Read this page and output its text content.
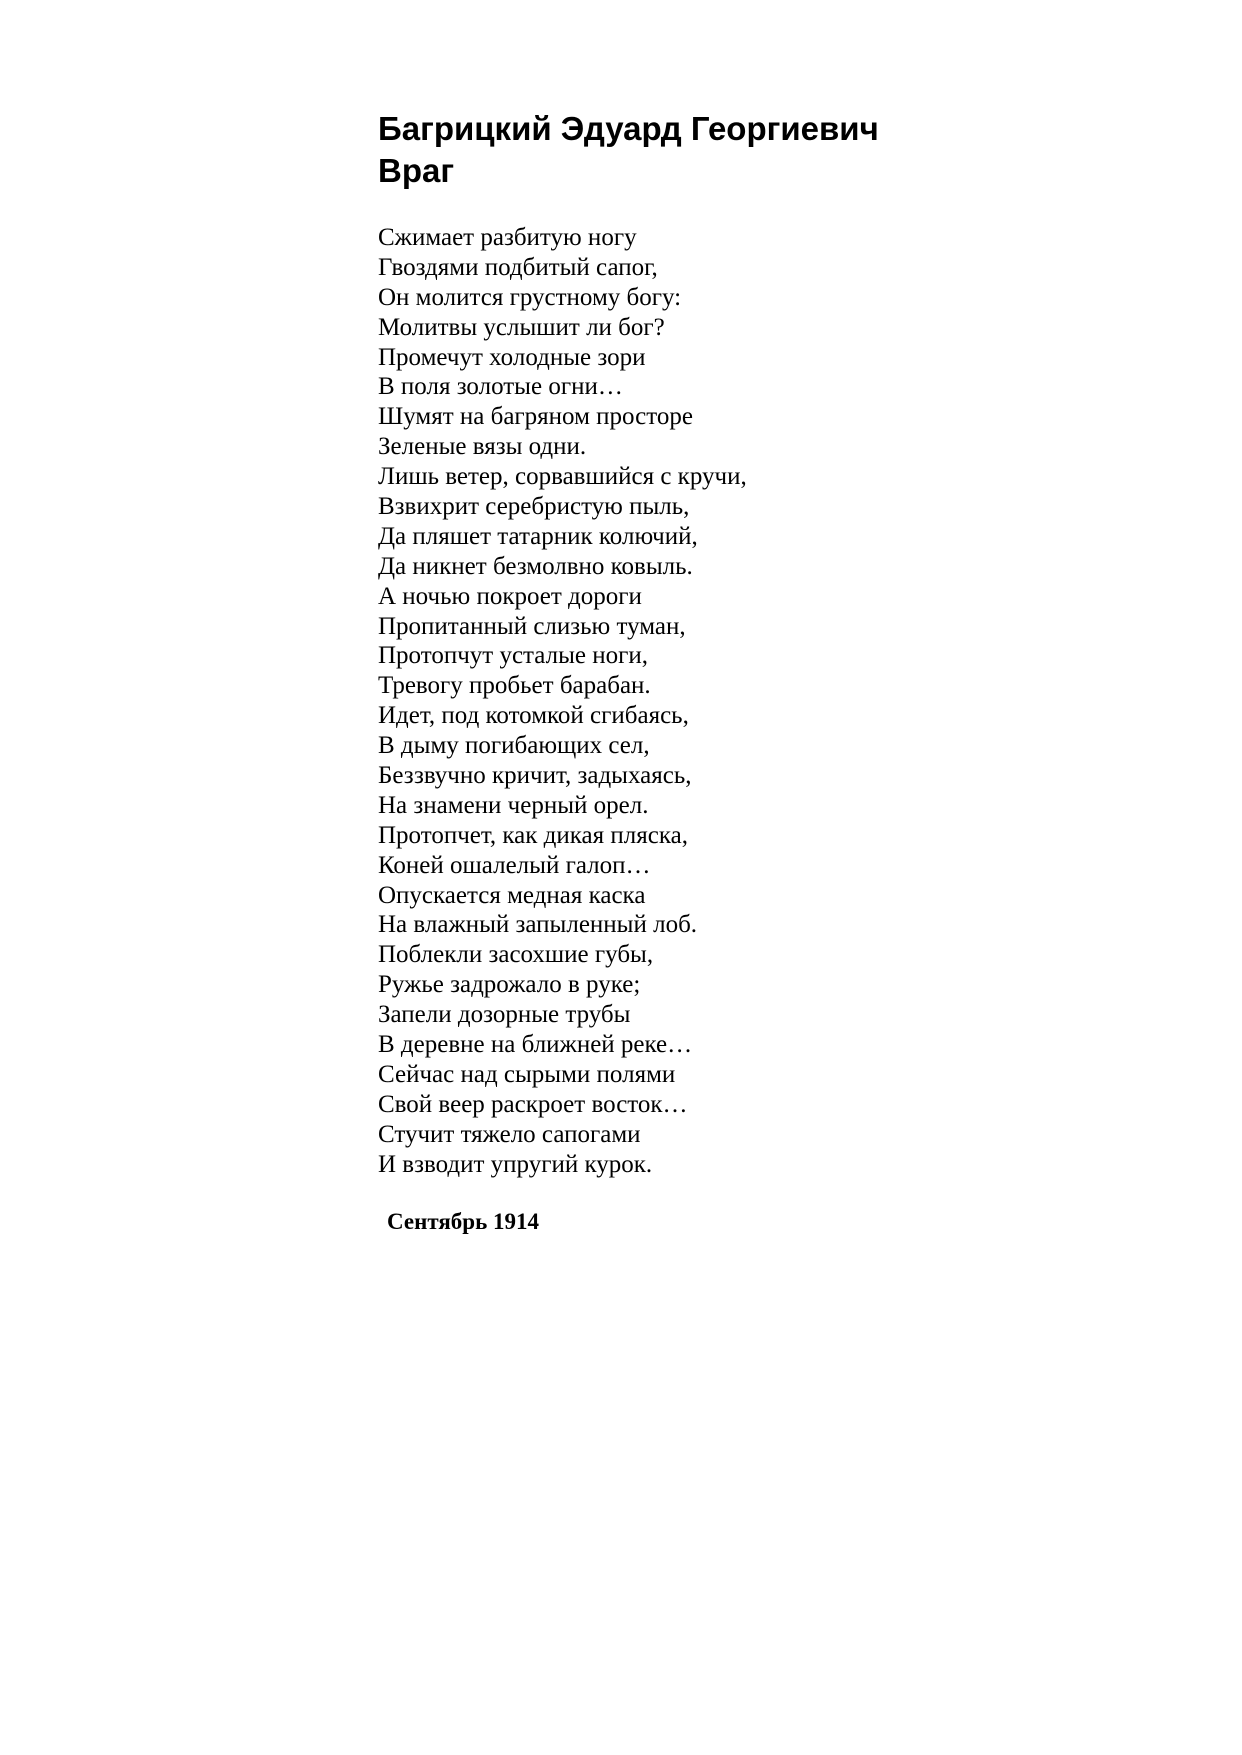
Багрицкий Эдуард Георгиевич
Враг
Сжимает разбитую ногу
Гвоздями подбитый сапог,
Он молится грустному богу:
Молитвы услышит ли бог?
Промечут холодные зори
В поля золотые огни…
Шумят на багряном просторе
Зеленые вязы одни.
Лишь ветер, сорвавшийся с кручи,
Взвихрит серебристую пыль,
Да пляшет татарник колючий,
Да никнет безмолвно ковыль.
А ночью покроет дороги
Пропитанный слизью туман,
Протопчут усталые ноги,
Тревогу пробьет барабан.
Идет, под котомкой сгибаясь,
В дыму погибающих сел,
Беззвучно кричит, задыхаясь,
На знамени черный орел.
Протопчет, как дикая пляска,
Коней ошалелый галоп…
Опускается медная каска
На влажный запыленный лоб.
Поблекли засохшие губы,
Ружье задрожало в руке;
Запели дозорные трубы
В деревне на ближней реке…
Сейчас над сырыми полями
Свой веер раскроет восток…
Стучит тяжело сапогами
И взводит упругий курок.
Сентябрь 1914
